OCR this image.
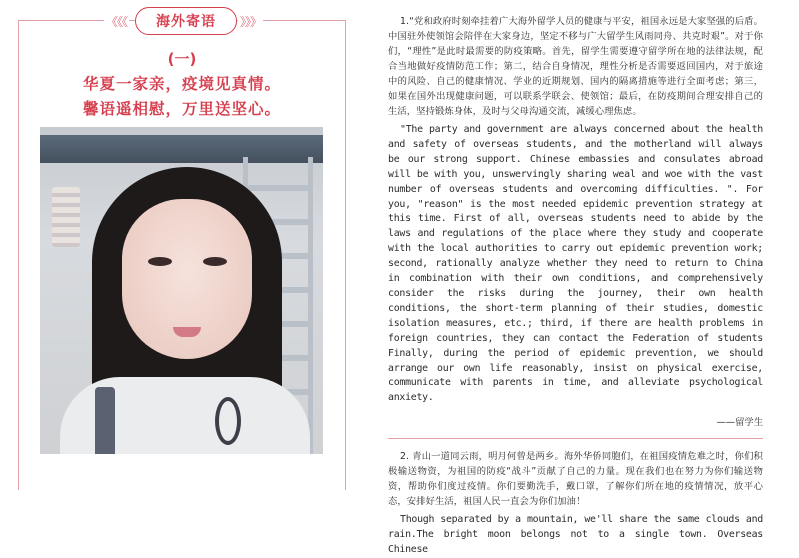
《《《	海外寄语	》》》
(一)
华夏一家亲，疫境见真情。
馨语遥相慰，万里送坚心。

1.“党和政府时刻牵挂着广大海外留学人员的健康与平安，祖国永远是大家坚强的后盾。中国驻外使领馆会陪伴在大家身边，坚定不移与广大留学生风雨同舟、共克时艰”。对于你们，“理性”是此时最需要的防疫策略。首先，留学生需要遵守留学所在地的法律法规，配合当地做好疫情防范工作；第二，结合自身情况，理性分析是否需要返回国内，对于旅途中的风险、自己的健康情况、学业的近期规划、国内的隔离措施等进行全面考虑；第三，如果在国外出现健康问题，可以联系学联会、使领馆；最后，在防疫期间合理安排自己的生活，坚持锻炼身体，及时与父母沟通交流，减缓心理焦虑。

"The party and government are always concerned about the health and safety of overseas students, and the motherland will always be our strong support. Chinese embassies and consulates abroad will be with you, unswervingly sharing weal and woe with the vast number of overseas students and overcoming difficulties. ". For you, "reason" is the most needed epidemic prevention strategy at this time. First of all, overseas students need to abide by the laws and regulations of the place where they study and cooperate with the local authorities to carry out epidemic prevention work; second, rationally analyze whether they need to return to China in combination with their own conditions, and comprehensively consider the risks during the journey, their own health conditions, the short-term planning of their studies, domestic isolation measures, etc.; third, if there are health problems in foreign countries, they can contact the Federation of students Finally, during the period of epidemic prevention, we should arrange our own life reasonably, insist on physical exercise, communicate with parents in time, and alleviate psychological anxiety.

——留学生

2. 青山一道同云雨，明月何曾是两乡。海外华侨同胞们，在祖国疫情危难之时，你们积极输送物资，为祖国的防疫“战斗”贡献了自己的力量。现在我们也在努力为你们输送物资，帮助你们度过疫情。你们要勤洗手，戴口罩，了解你们所在地的疫情情况，放平心态，安排好生活，祖国人民一直会为你们加油！

Though separated by a mountain, we'll share the same clouds and rain.The bright moon belongs not to a single town. Overseas Chinese
